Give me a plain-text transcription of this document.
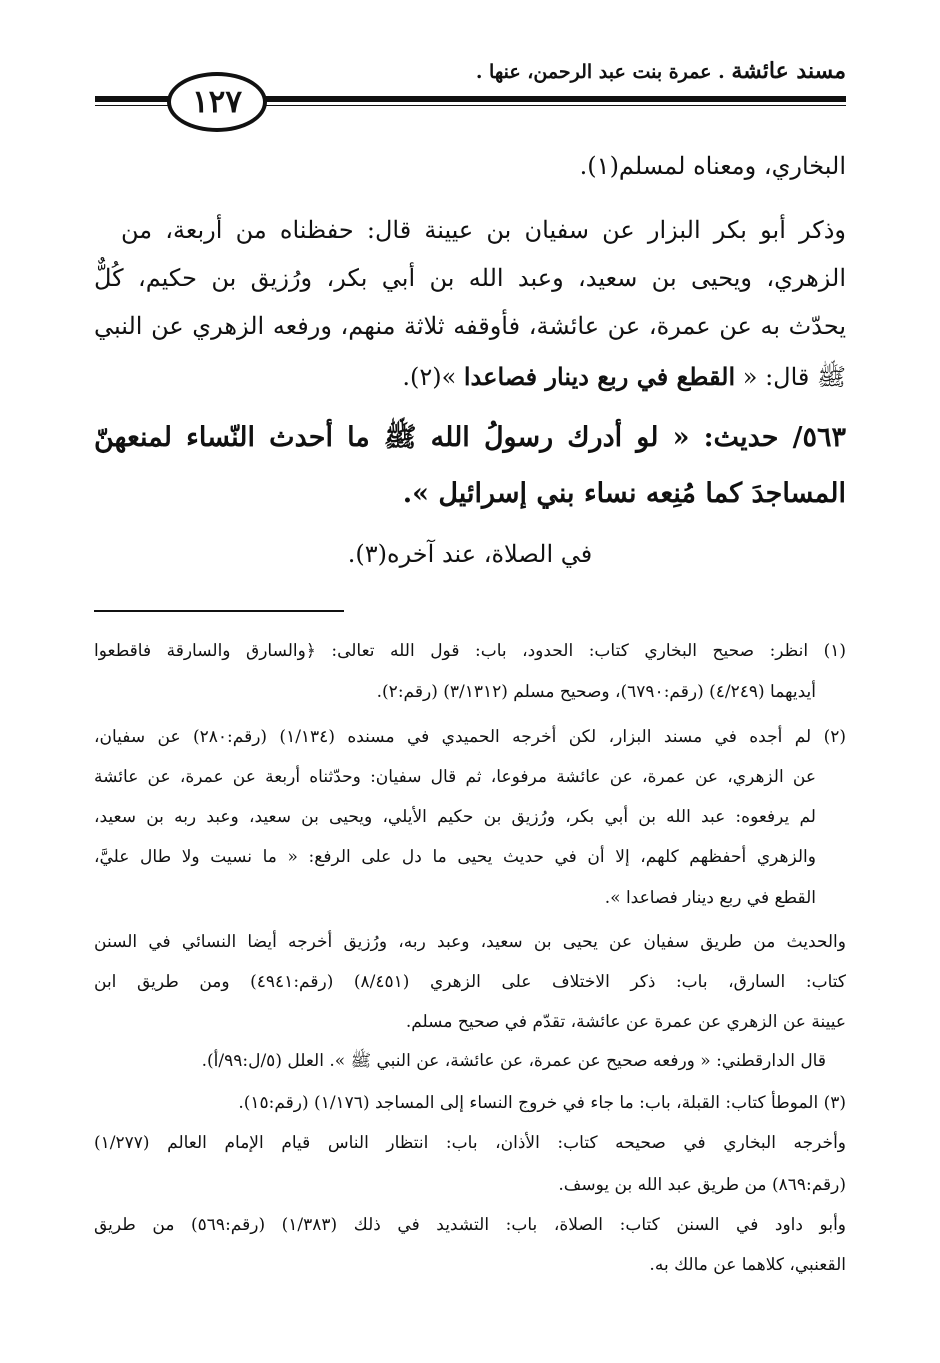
مسند عائشة . عمرة بنت عبد الرحمن، عنها .
١٢٧
البخاري، ومعناه لمسلم(١).
وذكر أبو بكر البزار عن سفيان بن عيينة قال: حفظناه من أربعة، من
الزهري، ويحيى بن سعيد، وعبد الله بن أبي بكر، ورُزيق بن حكيم، كُلٌّ
يحدّث به عن عمرة، عن عائشة، فأوقفه ثلاثة منهم، ورفعه الزهري عن النبي
ﷺ قال: « القطع في ربع دينار فصاعدا »(٢).
٥٦٣/ حديث: « لو أدرك رسولُ الله ﷺ ما أحدث النّساء لمنعهنّ
المساجدَ كما مُنِعه نساء بني إسرائيل ».
في الصلاة، عند آخره(٣).
(١) انظر: صحيح البخاري كتاب: الحدود، باب: قول الله تعالى: ﴿والسارق والسارقة فاقطعوا
أيديهما (٤/٢٤٩) (رقم:٦٧٩٠)، وصحيح مسلم (٣/١٣١٢) (رقم:٢).
(٢) لم أجده في مسند البزار، لكن أخرجه الحميدي في مسنده (١/١٣٤) (رقم:٢٨٠) عن سفيان،
عن الزهري، عن عمرة، عن عائشة مرفوعا، ثم قال سفيان: وحدّثناه أربعة عن عمرة، عن عائشة
لم يرفعوه: عبد الله بن أبي بكر، ورُزيق بن حكيم الأيلي، ويحيى بن سعيد، وعبد ربه بن سعيد،
والزهري أحفظهم كلهم، إلا أن في حديث يحيى ما دل على الرفع: « ما نسيت ولا طال عليَّ،
القطع في ربع دينار فصاعدا ».
والحديث من طريق سفيان عن يحيى بن سعيد، وعبد ربه، ورُزيق أخرجه أيضا النسائي في السنن
كتاب: السارق، باب: ذكر الاختلاف على الزهري (٨/٤٥١) (رقم:٤٩٤١) ومن طريق ابن
عيينة عن الزهري عن عمرة عن عائشة، تقدّم في صحيح مسلم.
قال الدارقطني: « ورفعه صحيح عن عمرة، عن عائشة، عن النبي ﷺ ». العلل (٥/ل:٩٩/أ).
(٣) الموطأ كتاب: القبلة، باب: ما جاء في خروج النساء إلى المساجد (١/١٧٦) (رقم:١٥).
وأخرجه البخاري في صحيحه كتاب: الأذان، باب: انتظار الناس قيام الإمام العالم (١/٢٧٧)
(رقم:٨٦٩) من طريق عبد الله بن يوسف.
وأبو داود في السنن كتاب: الصلاة، باب: التشديد في ذلك (١/٣٨٣) (رقم:٥٦٩) من طريق
القعنبي، كلاهما عن مالك به.
